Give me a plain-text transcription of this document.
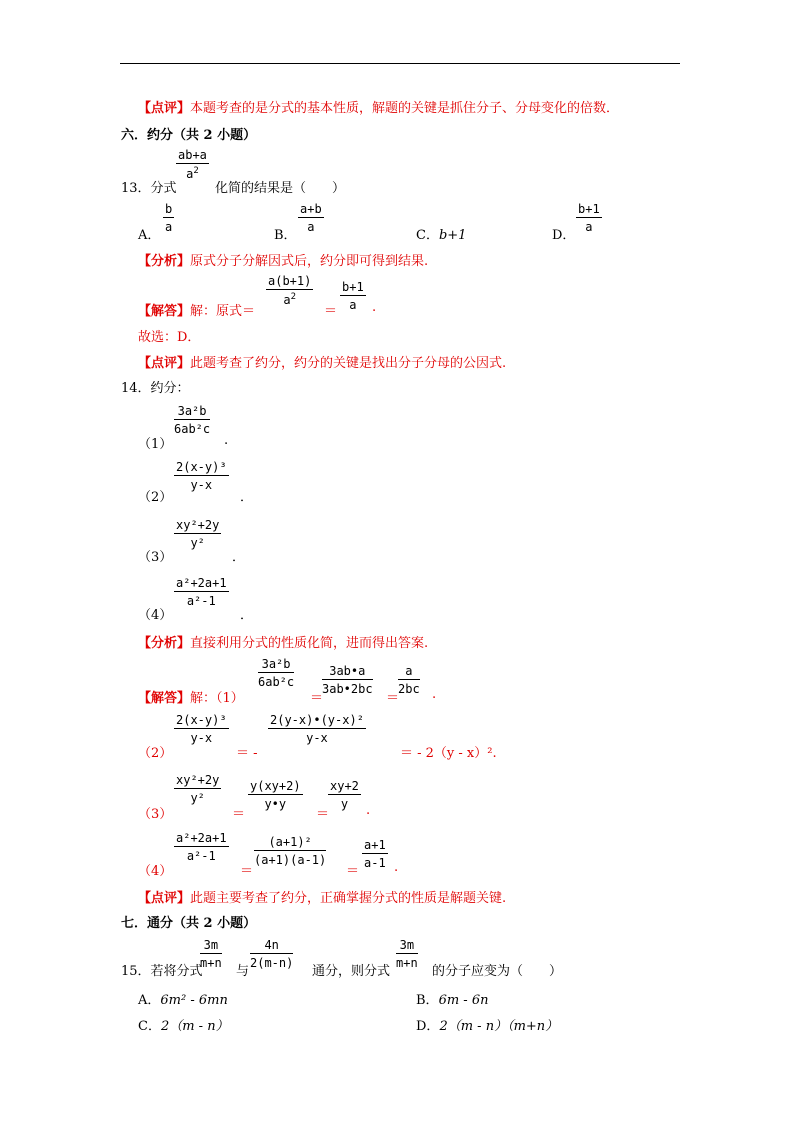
【点评】本题考查的是分式的基本性质，解题的关键是抓住分子、分母变化的倍数．
六．约分（共 2 小题）
13．分式
$\frac{ab+a}{a^2}$
化简的结果是（　　）
A．
$\frac{b}{a}$
B．
$\frac{a+b}{a}$
C．b+1	D．
$\frac{b+1}{a}$
【分析】原式分子分解因式后，约分即可得到结果.
【解答】解：原式＝
$\frac{a(b+1)}{a^2}$
＝ $\frac{b+1}{a}$ .
故选：D．
【点评】此题考查了约分，约分的关键是找出分子分母的公因式.
14．约分：
（1）
$\frac{\text{3a²b}}{\text{6ab²c}}$
.
（2）
$\frac{\text{2(x-y)³}}{y-x}$
．
（3）
$\frac{\text{xy²+2y}}{\text{y²}}$
．
（4）
$\frac{\text{a²+2a+1}}{\text{a²-1}}$
．
【分析】直接利用分式的性质化简，进而得出答案.
【解答】解：（1）
$\frac{\text{3a²b}}{\text{6ab²c}}$
＝
$\frac{3ab•a}{3ab•2bc}$
＝
$\frac{a}{2bc}$ .
（2）
$\frac{\text{2(x-y)³}}{y-x}$
＝ -
$\frac{\text{2(y-x)•(y-x)²}}{y-x}$
＝ - 2（y - x）².
（3）
$\frac{\text{xy²+2y}}{\text{y²}}$
＝
$\frac{y(xy+2)}{y•y}$
＝
$\frac{xy+2}{y}$ .
（4）
$\frac{\text{a²+2a+1}}{\text{a²-1}}$
＝
$\frac{\text{(a+1)²}}{(a+1)(a-1)}$
＝
$\frac{a+1}{a-1}$ .
【点评】此题主要考查了约分，正确掌握分式的性质是解题关键.
七．通分（共 2 小题）
15．若将分式
$\frac{3m}{m+n}$
与
$\frac{4n}{2(m-n)}$
通分，则分式
$\frac{3m}{m+n}$
的分子应变为（　　）
A．6m² - 6mn	B．6m - 6n
C．2（m - n）	D．2（m - n）（m+n）
